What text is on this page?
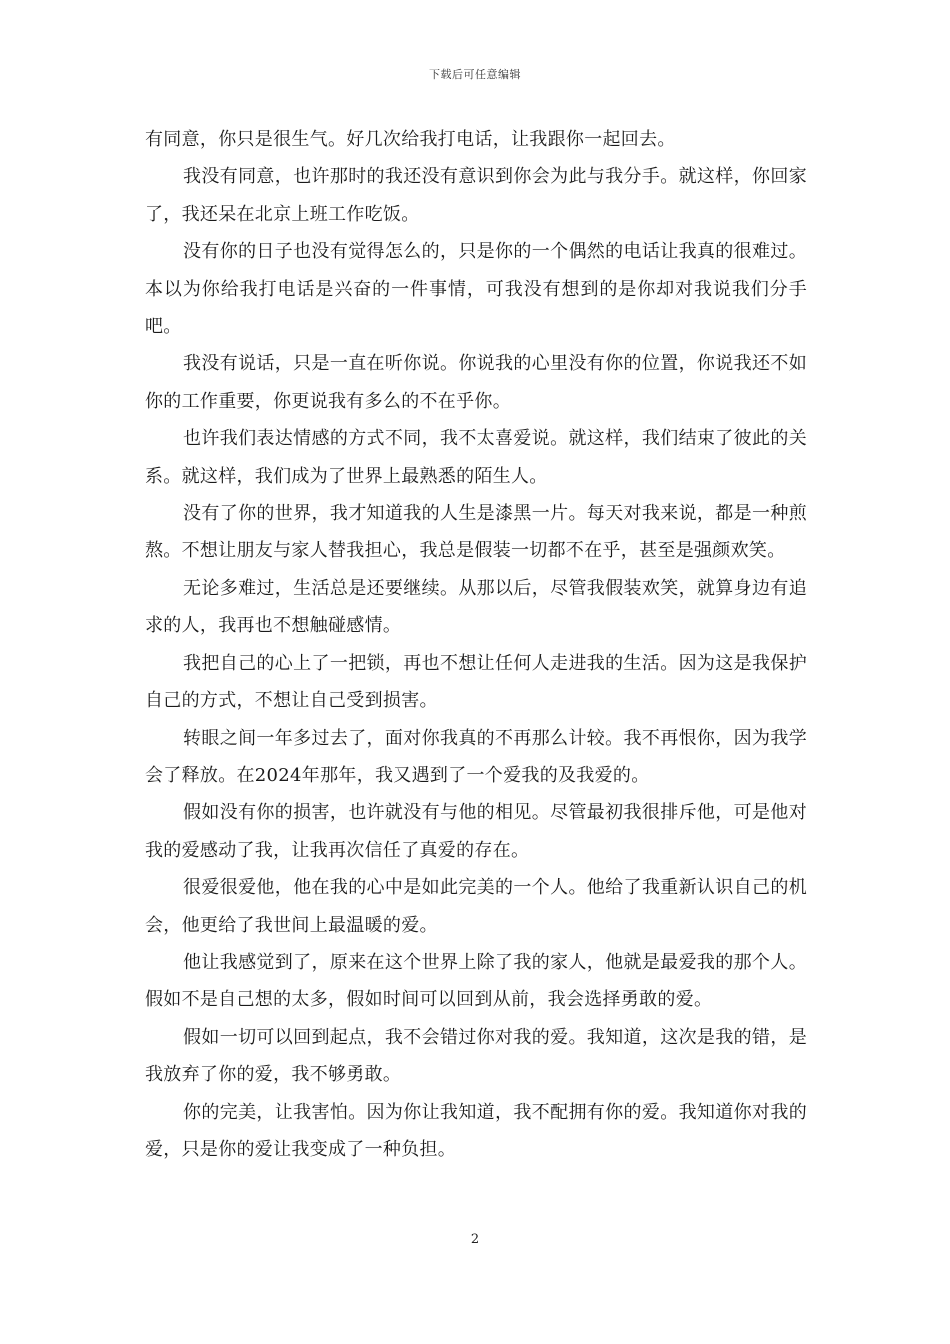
下载后可任意编辑

有同意，你只是很生气。好几次给我打电话，让我跟你一起回去。

我没有同意，也许那时的我还没有意识到你会为此与我分手。就这样，你回家了，我还呆在北京上班工作吃饭。

没有你的日子也没有觉得怎么的，只是你的一个偶然的电话让我真的很难过。本以为你给我打电话是兴奋的一件事情，可我没有想到的是你却对我说我们分手吧。

我没有说话，只是一直在听你说。你说我的心里没有你的位置，你说我还不如你的工作重要，你更说我有多么的不在乎你。

也许我们表达情感的方式不同，我不太喜爱说。就这样，我们结束了彼此的关系。就这样，我们成为了世界上最熟悉的陌生人。

没有了你的世界，我才知道我的人生是漆黑一片。每天对我来说，都是一种煎熬。不想让朋友与家人替我担心，我总是假装一切都不在乎，甚至是强颜欢笑。

无论多难过，生活总是还要继续。从那以后，尽管我假装欢笑，就算身边有追求的人，我再也不想触碰感情。

我把自己的心上了一把锁，再也不想让任何人走进我的生活。因为这是我保护自己的方式，不想让自己受到损害。

转眼之间一年多过去了，面对你我真的不再那么计较。我不再恨你，因为我学会了释放。在2024年那年，我又遇到了一个爱我的及我爱的。

假如没有你的损害，也许就没有与他的相见。尽管最初我很排斥他，可是他对我的爱感动了我，让我再次信任了真爱的存在。

很爱很爱他，他在我的心中是如此完美的一个人。他给了我重新认识自己的机会，他更给了我世间上最温暖的爱。

他让我感觉到了，原来在这个世界上除了我的家人，他就是最爱我的那个人。假如不是自己想的太多，假如时间可以回到从前，我会选择勇敢的爱。

假如一切可以回到起点，我不会错过你对我的爱。我知道，这次是我的错，是我放弃了你的爱，我不够勇敢。

你的完美，让我害怕。因为你让我知道，我不配拥有你的爱。我知道你对我的爱，只是你的爱让我变成了一种负担。

2
